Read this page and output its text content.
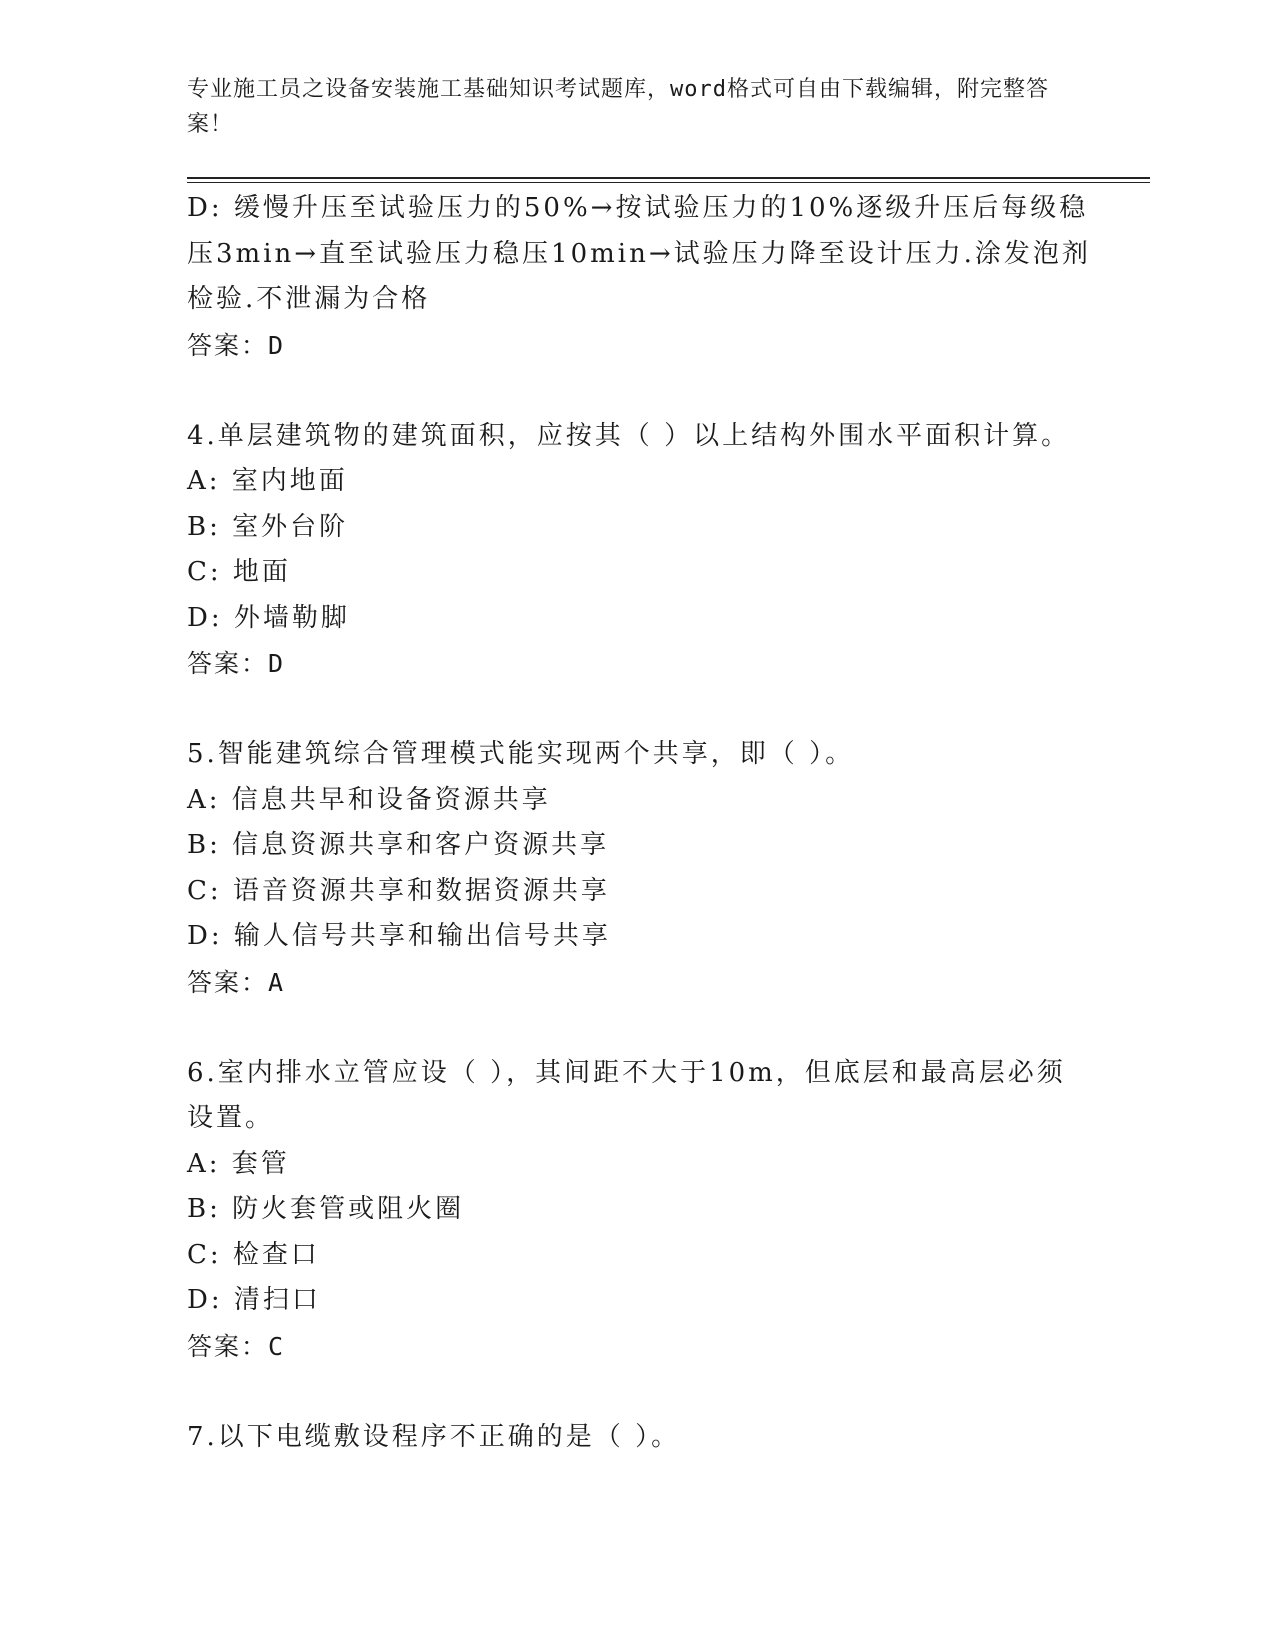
专业施工员之设备安装施工基础知识考试题库，word格式可自由下载编辑，附完整答案！
D: 缓慢升压至试验压力的50%→按试验压力的10%逐级升压后每级稳
压3min→直至试验压力稳压10min→试验压力降至设计压力.涂发泡剂
检验.不泄漏为合格
答案：D
4.单层建筑物的建筑面积，应按其（ ）以上结构外围水平面积计算。
A: 室内地面
B: 室外台阶
C: 地面
D: 外墙勒脚
答案：D
5.智能建筑综合管理模式能实现两个共享，即（ ）。
A: 信息共早和设备资源共享
B: 信息资源共享和客户资源共享
C: 语音资源共享和数据资源共享
D: 输人信号共享和输出信号共享
答案：A
6.室内排水立管应设（ ），其间距不大于10m，但底层和最高层必须
设置。
A: 套管
B: 防火套管或阻火圈
C: 检查口
D: 清扫口
答案：C
7.以下电缆敷设程序不正确的是（ ）。
